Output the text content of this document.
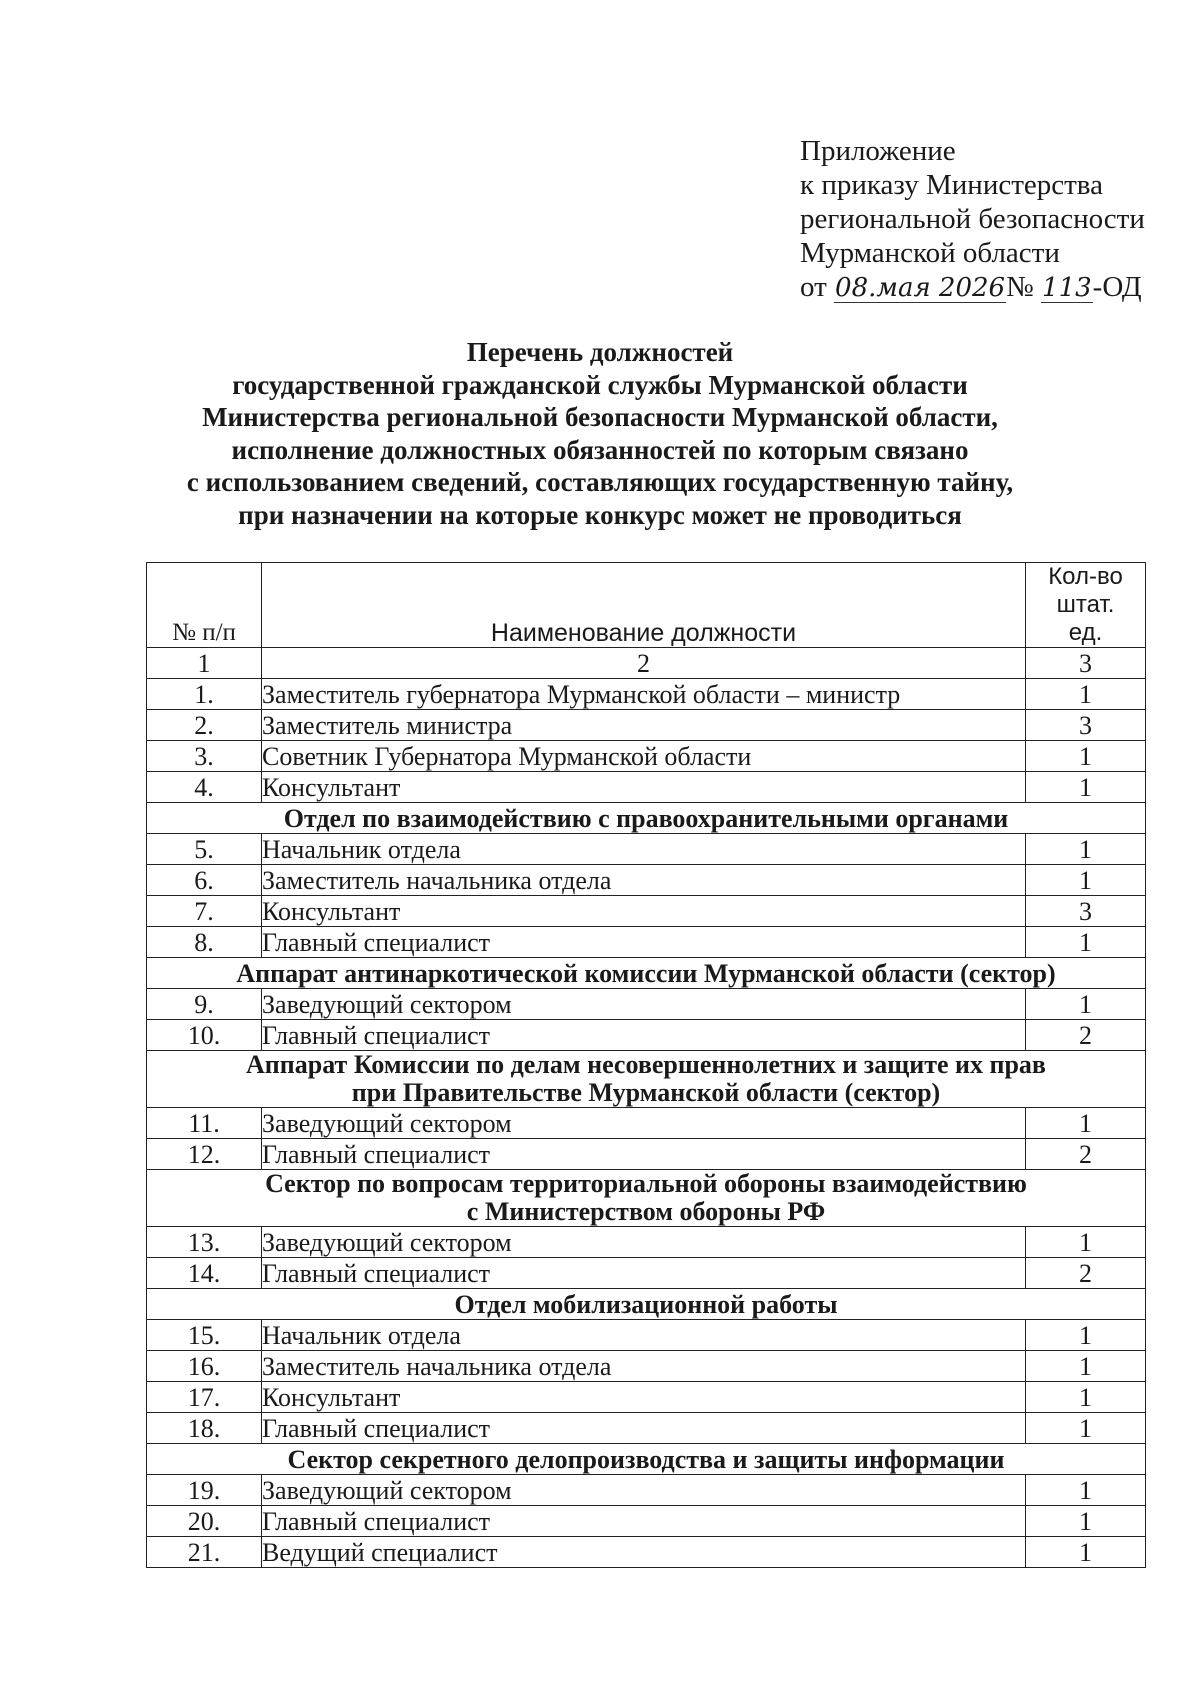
Приложение
к приказу Министерства
региональной безопасности
Мурманской области
от 08.мая 2026№ 113-ОД
Перечень должностей
государственной гражданской службы Мурманской области
Министерства региональной безопасности Мурманской области,
исполнение должностных обязанностей по которым связано
с использованием сведений, составляющих государственную тайну,
при назначении на которые конкурс может не проводиться
№ п/п	Наименование должности	Кол-во
штат.
ед.

1	2	3
1.	Заместитель губернатора Мурманской области – министр	1
2.	Заместитель министра	3
3.	Советник Губернатора Мурманской области	1
4.	Консультант	1

Отдел по взаимодействию с правоохранительными органами		

5.	Начальник отдела	1
6.	Заместитель начальника отдела	1
7.	Консультант	3
8.	Главный специалист	1

Аппарат антинаркотической комиссии Мурманской области (сектор)		

9.	Заведующий сектором	1
10.	Главный специалист	2

Аппарат Комиссии по делам несовершеннолетних и защите их прав
при Правительстве Мурманской области (сектор)		

11.	Заведующий сектором	1
12.	Главный специалист	2

Сектор по вопросам территориальной обороны взаимодействию
с Министерством обороны РФ		

13.	Заведующий сектором	1
14.	Главный специалист	2

Отдел мобилизационной работы		

15.	Начальник отдела	1
16.	Заместитель начальника отдела	1
17.	Консультант	1
18.	Главный специалист	1

Сектор секретного делопроизводства и защиты информации		

19.	Заведующий сектором	1
20.	Главный специалист	1
21.	Ведущий специалист	1
